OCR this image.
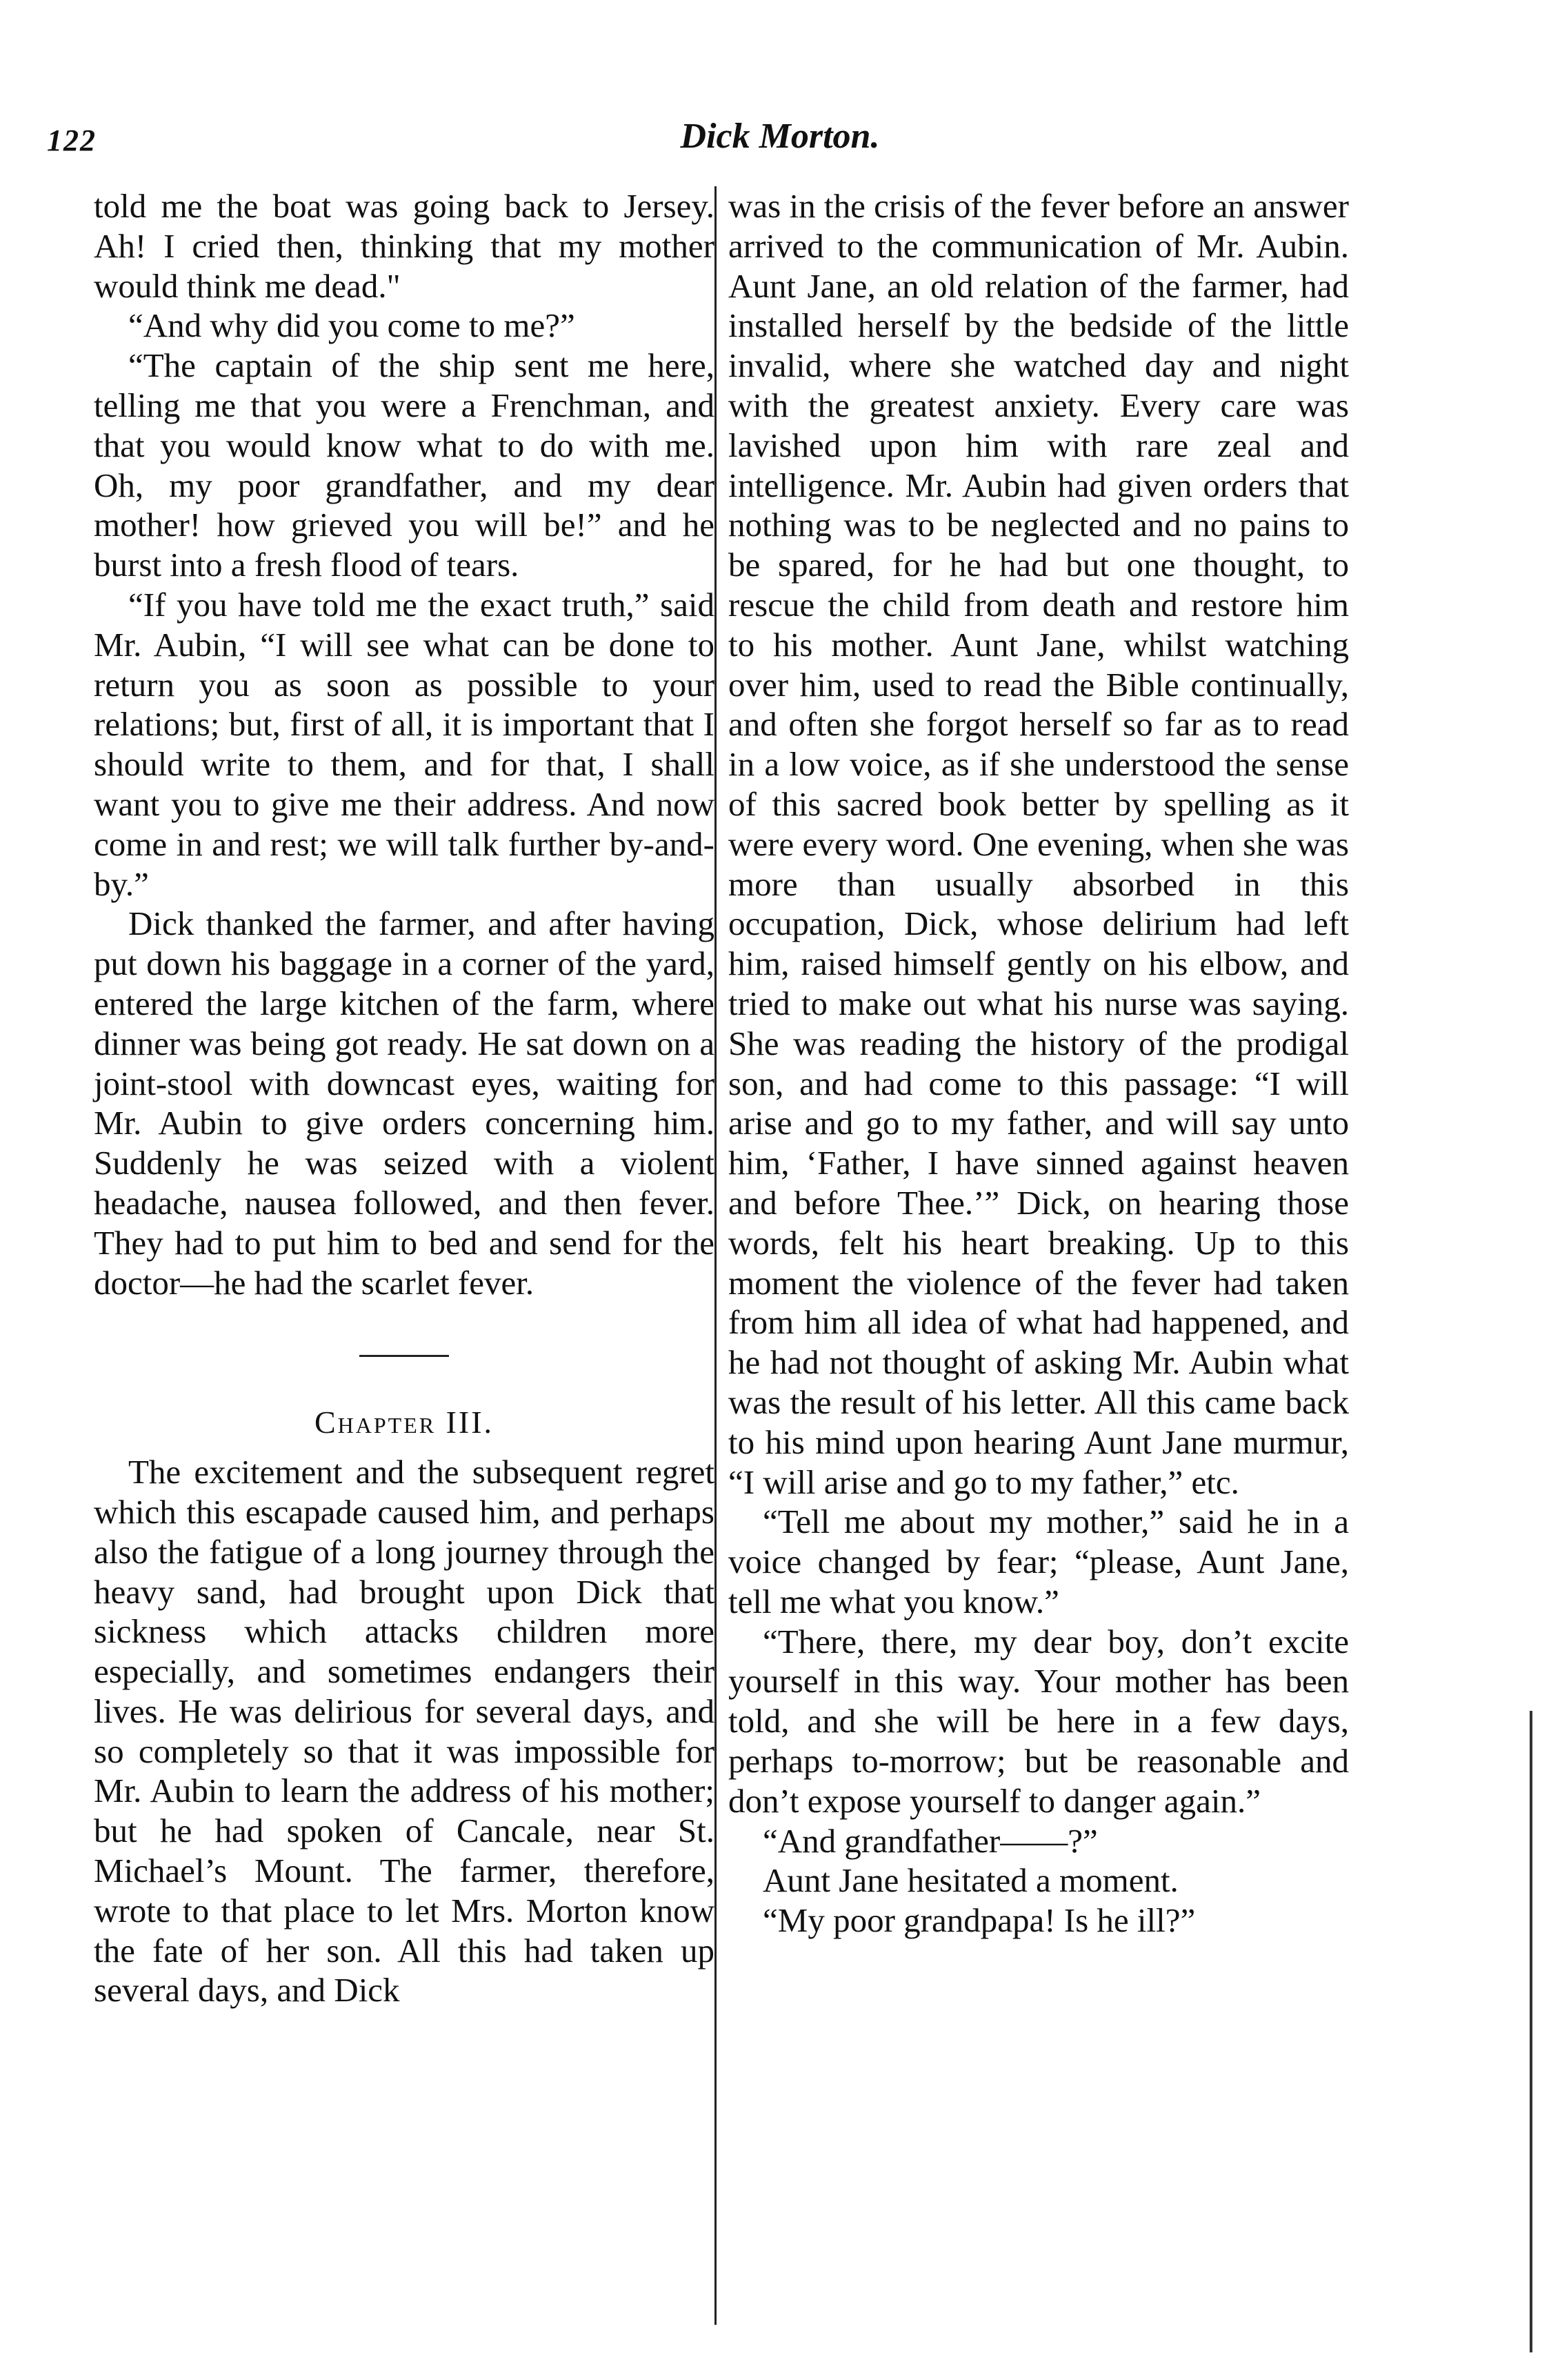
122	Dick Morton.

told me the boat was going back to Jersey. Ah! I cried then, thinking that my mother would think me dead."

“And why did you come to me?”

“The captain of the ship sent me here, telling me that you were a Frenchman, and that you would know what to do with me. Oh, my poor grandfather, and my dear mother! how grieved you will be!” and he burst into a fresh flood of tears.

“If you have told me the exact truth,” said Mr. Aubin, “I will see what can be done to return you as soon as possible to your relations; but, first of all, it is important that I should write to them, and for that, I shall want you to give me their address. And now come in and rest; we will talk further by-and-by.”

Dick thanked the farmer, and after having put down his baggage in a corner of the yard, entered the large kitchen of the farm, where dinner was being got ready. He sat down on a joint-stool with downcast eyes, waiting for Mr. Aubin to give orders concerning him. Suddenly he was seized with a violent headache, nausea followed, and then fever. They had to put him to bed and send for the doctor—he had the scarlet fever.

Chapter III.

The excitement and the subsequent regret which this escapade caused him, and perhaps also the fatigue of a long journey through the heavy sand, had brought upon Dick that sickness which attacks children more especially, and sometimes endangers their lives. He was delirious for several days, and so completely so that it was impossible for Mr. Aubin to learn the address of his mother; but he had spoken of Cancale, near St. Michael’s Mount. The farmer, therefore, wrote to that place to let Mrs. Morton know the fate of her son. All this had taken up several days, and Dick

was in the crisis of the fever before an answer arrived to the communication of Mr. Aubin. Aunt Jane, an old relation of the farmer, had installed herself by the bedside of the little invalid, where she watched day and night with the greatest anxiety. Every care was lavished upon him with rare zeal and intelligence. Mr. Aubin had given orders that nothing was to be neglected and no pains to be spared, for he had but one thought, to rescue the child from death and restore him to his mother. Aunt Jane, whilst watching over him, used to read the Bible continually, and often she forgot herself so far as to read in a low voice, as if she understood the sense of this sacred book better by spelling as it were every word. One evening, when she was more than usually absorbed in this occupation, Dick, whose delirium had left him, raised himself gently on his elbow, and tried to make out what his nurse was saying. She was reading the history of the prodigal son, and had come to this passage: “I will arise and go to my father, and will say unto him, ‘Father, I have sinned against heaven and before Thee.’” Dick, on hearing those words, felt his heart breaking. Up to this moment the violence of the fever had taken from him all idea of what had happened, and he had not thought of asking Mr. Aubin what was the result of his letter. All this came back to his mind upon hearing Aunt Jane murmur, “I will arise and go to my father,” etc.

“Tell me about my mother,” said he in a voice changed by fear; “please, Aunt Jane, tell me what you know.”

“There, there, my dear boy, don’t excite yourself in this way. Your mother has been told, and she will be here in a few days, perhaps to-morrow; but be reasonable and don’t expose yourself to danger again.”

“And grandfather——?”

Aunt Jane hesitated a moment.

“My poor grandpapa! Is he ill?”
